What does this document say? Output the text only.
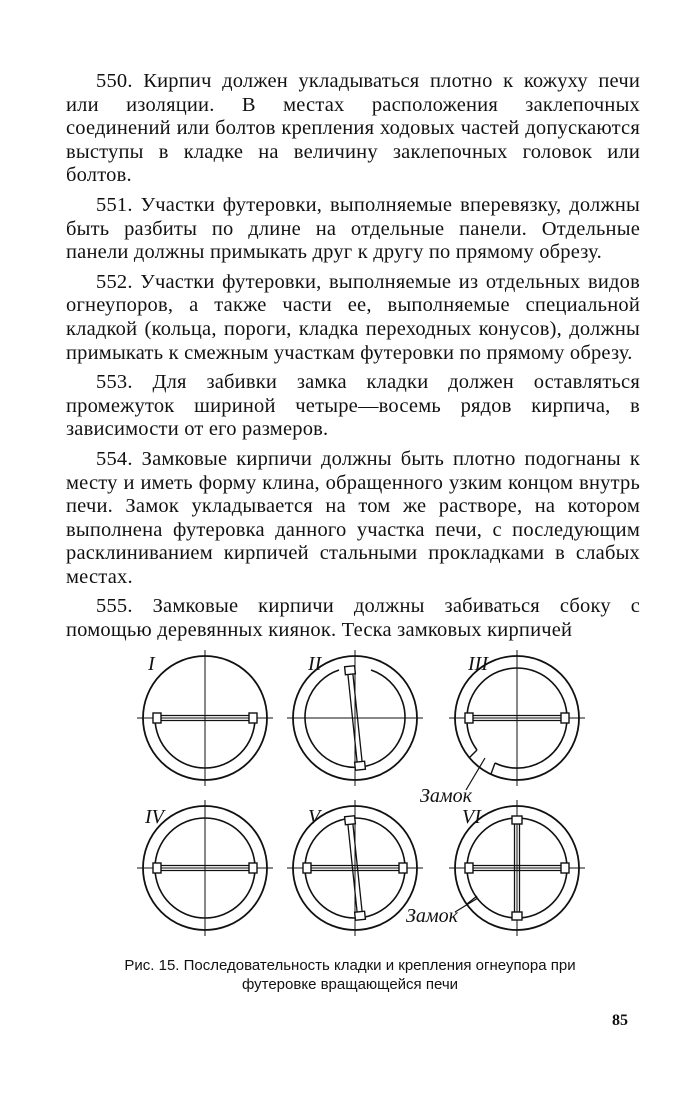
550. Кирпич должен укладываться плотно к кожуху печи или изоляции. В местах расположения заклепочных соединений или болтов крепления ходовых частей допускаются выступы в кладке на величину заклепочных головок или болтов.

551. Участки футеровки, выполняемые вперевязку, должны быть разбиты по длине на отдельные панели. Отдельные панели должны примыкать друг к другу по прямому обрезу.

552. Участки футеровки, выполняемые из отдельных видов огнеупоров, а также части ее, выполняемые специальной кладкой (кольца, пороги, кладка переходных конусов), должны примыкать к смежным участкам футеровки по прямому обрезу.

553. Для забивки замка кладки должен оставляться промежуток шириной четыре—восемь рядов кирпича, в зависимости от его размеров.

554. Замковые кирпичи должны быть плотно подогнаны к месту и иметь форму клина, обращенного узким концом внутрь печи. Замок укладывается на том же растворе, на котором выполнена футеровка данного участка печи, с последующим расклиниванием кирпичей стальными прокладками в слабых местах.

555. Замковые кирпичи должны забиваться сбоку с помощью деревянных киянок. Теска замковых кирпичей

I	II	III
Замок
IV	V	VI
Замок
Рис. 15. Последовательность кладки и крепления огнеупора при футеровке вращающейся печи
85
